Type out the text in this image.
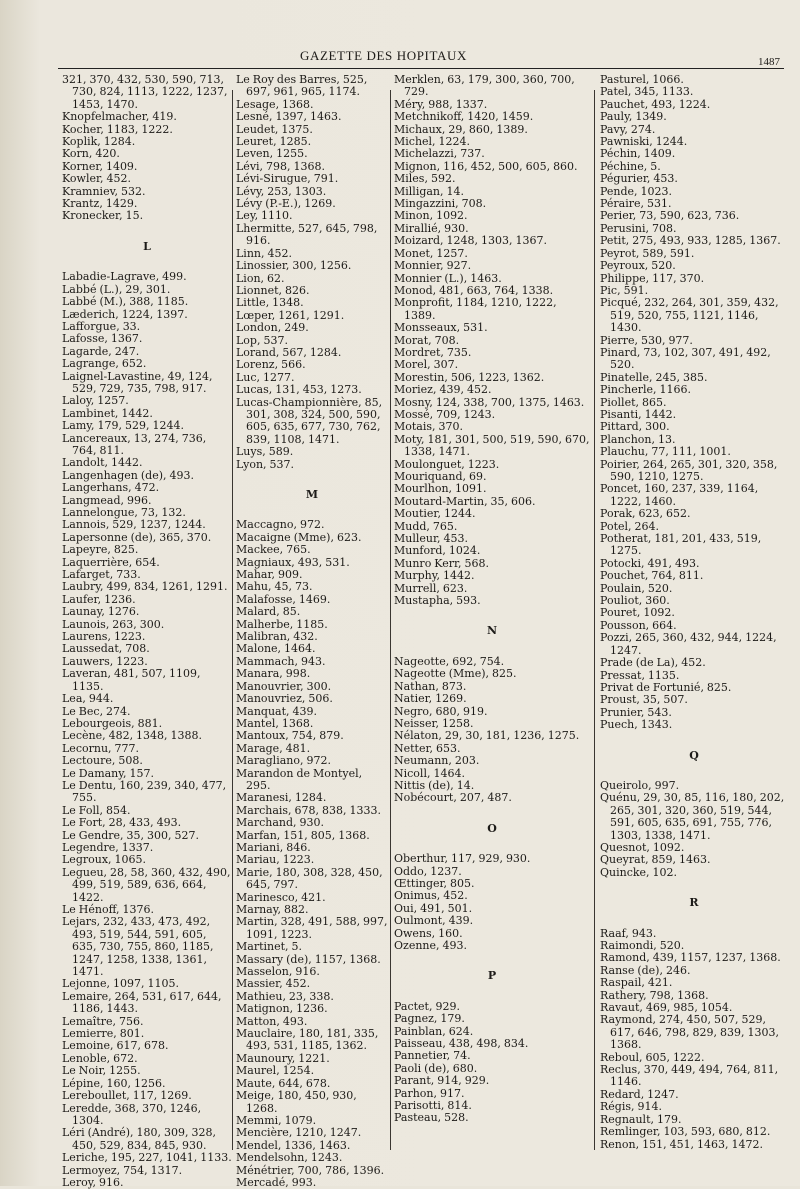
GAZETTE DES HOPITAUX	1487

321, 370, 432, 530, 590, 713, 730, 824, 1113, 1222, 1237, 1453, 1470.

Knopfelmacher, 419.

Kocher, 1183, 1222.

Koplik, 1284.

Korn, 420.

Korner, 1409.

Kowler, 452.

Kramniev, 532.

Krantz, 1429.

Kronecker, 15.

L

Labadie-Lagrave, 499.

Labbé (L.), 29, 301.

Labbé (M.), 388, 1185.

Læderich, 1224, 1397.

Lafforgue, 33.

Lafosse, 1367.

Lagarde, 247.

Lagrange, 652.

Laignel-Lavastine, 49, 124, 529, 729, 735, 798, 917.

Laloy, 1257.

Lambinet, 1442.

Lamy, 179, 529, 1244.

Lancereaux, 13, 274, 736, 764, 811.

Landolt, 1442.

Langenhagen (de), 493.

Langerhans, 472.

Langmead, 996.

Lannelongue, 73, 132.

Lannois, 529, 1237, 1244.

Lapersonne (de), 365, 370.

Lapeyre, 825.

Laquerrière, 654.

Lafarget, 733.

Laubry, 499, 834, 1261, 1291.

Laufer, 1236.

Launay, 1276.

Launois, 263, 300.

Laurens, 1223.

Laussedat, 708.

Lauwers, 1223.

Laveran, 481, 507, 1109, 1135.

Lea, 944.

Le Bec, 274.

Lebourgeois, 881.

Lecène, 482, 1348, 1388.

Lecornu, 777.

Lectoure, 508.

Le Damany, 157.

Le Dentu, 160, 239, 340, 477, 755.

Le Foll, 854.

Le Fort, 28, 433, 493.

Le Gendre, 35, 300, 527.

Legendre, 1337.

Legroux, 1065.

Legueu, 28, 58, 360, 432, 490, 499, 519, 589, 636, 664, 1422.

Le Hénoff, 1376.

Lejars, 232, 433, 473, 492, 493, 519, 544, 591, 605, 635, 730, 755, 860, 1185, 1247, 1258, 1338, 1361, 1471.

Lejonne, 1097, 1105.

Lemaire, 264, 531, 617, 644, 1186, 1443.

Lemaître, 756.

Lemierre, 801.

Lemoine, 617, 678.

Lenoble, 672.

Le Noir, 1255.

Lépine, 160, 1256.

Lereboullet, 117, 1269.

Leredde, 368, 370, 1246, 1304.

Léri (André), 180, 309, 328, 450, 529, 834, 845, 930.

Leriche, 195, 227, 1041, 1133.

Lermoyez, 754, 1317.

Leroy, 916.

Le Roy des Barres, 525, 697, 961, 965, 1174.

Lesage, 1368.

Lesné, 1397, 1463.

Leudet, 1375.

Leuret, 1285.

Leven, 1255.

Lévi, 798, 1368.

Lévi-Sirugue, 791.

Lévy, 253, 1303.

Lévy (P.-E.), 1269.

Ley, 1110.

Lhermitte, 527, 645, 798, 916.

Linn, 452.

Linossier, 300, 1256.

Lion, 62.

Lionnet, 826.

Little, 1348.

Lœper, 1261, 1291.

London, 249.

Lop, 537.

Lorand, 567, 1284.

Lorenz, 566.

Luc, 1277.

Lucas, 131, 453, 1273.

Lucas-Championnière, 85, 301, 308, 324, 500, 590, 605, 635, 677, 730, 762, 839, 1108, 1471.

Luys, 589.

Lyon, 537.

M

Maccagno, 972.

Macaigne (Mme), 623.

Mackee, 765.

Magniaux, 493, 531.

Mahar, 909.

Mahu, 45, 73.

Malafosse, 1469.

Malard, 85.

Malherbe, 1185.

Malibran, 432.

Malone, 1464.

Mammach, 943.

Manara, 998.

Manouvrier, 300.

Manouvriez, 506.

Manquat, 439.

Mantel, 1368.

Mantoux, 754, 879.

Marage, 481.

Maragliano, 972.

Marandon de Montyel, 295.

Maranesi, 1284.

Marchais, 678, 838, 1333.

Marchand, 930.

Marfan, 151, 805, 1368.

Mariani, 846.

Mariau, 1223.

Marie, 180, 308, 328, 450, 645, 797.

Marinesco, 421.

Marnay, 882.

Martin, 328, 491, 588, 997, 1091, 1223.

Martinet, 5.

Massary (de), 1157, 1368.

Masselon, 916.

Massier, 452.

Mathieu, 23, 338.

Matignon, 1236.

Matton, 493.

Mauclaire, 180, 181, 335, 493, 531, 1185, 1362.

Maunoury, 1221.

Maurel, 1254.

Maute, 644, 678.

Meige, 180, 450, 930, 1268.

Memmi, 1079.

Mencière, 1210, 1247.

Mendel, 1336, 1463.

Mendelsohn, 1243.

Ménétrier, 700, 786, 1396.

Mercadé, 993.

Merklen, 63, 179, 300, 360, 700, 729.

Méry, 988, 1337.

Metchnikoff, 1420, 1459.

Michaux, 29, 860, 1389.

Michel, 1224.

Michelazzi, 737.

Mignon, 116, 452, 500, 605, 860.

Miles, 592.

Milligan, 14.

Mingazzini, 708.

Minon, 1092.

Mirallié, 930.

Moizard, 1248, 1303, 1367.

Monet, 1257.

Monnier, 927.

Monnier (L.), 1463.

Monod, 481, 663, 764, 1338.

Monprofit, 1184, 1210, 1222, 1389.

Monsseaux, 531.

Morat, 708.

Mordret, 735.

Morel, 307.

Morestin, 506, 1223, 1362.

Moriez, 439, 452.

Mosny, 124, 338, 700, 1375, 1463.

Mossé, 709, 1243.

Motais, 370.

Moty, 181, 301, 500, 519, 590, 670, 1338, 1471.

Moulonguet, 1223.

Mouriquand, 69.

Mourlhon, 1091.

Moutard-Martin, 35, 606.

Moutier, 1244.

Mudd, 765.

Mulleur, 453.

Munford, 1024.

Munro Kerr, 568.

Murphy, 1442.

Murrell, 623.

Mustapha, 593.

N

Nageotte, 692, 754.

Nageotte (Mme), 825.

Nathan, 873.

Natier, 1269.

Negro, 680, 919.

Neisser, 1258.

Nélaton, 29, 30, 181, 1236, 1275.

Netter, 653.

Neumann, 203.

Nicoll, 1464.

Nittis (de), 14.

Nobécourt, 207, 487.

O

Oberthur, 117, 929, 930.

Oddo, 1237.

Œttinger, 805.

Onimus, 452.

Oui, 491, 501.

Oulmont, 439.

Owens, 160.

Ozenne, 493.

P

Pactet, 929.

Pagnez, 179.

Painblan, 624.

Paisseau, 438, 498, 834.

Pannetier, 74.

Paoli (de), 680.

Parant, 914, 929.

Parhon, 917.

Parisotti, 814.

Pasteau, 528.

Pasturel, 1066.

Patel, 345, 1133.

Pauchet, 493, 1224.

Pauly, 1349.

Pavy, 274.

Pawniski, 1244.

Péchin, 1409.

Péchine, 5.

Pégurier, 453.

Pende, 1023.

Péraire, 531.

Perier, 73, 590, 623, 736.

Perusini, 708.

Petit, 275, 493, 933, 1285, 1367.

Peyrot, 589, 591.

Peyroux, 520.

Philippe, 117, 370.

Pic, 591.

Picqué, 232, 264, 301, 359, 432, 519, 520, 755, 1121, 1146, 1430.

Pierre, 530, 977.

Pinard, 73, 102, 307, 491, 492, 520.

Pinatelle, 245, 385.

Pincherle, 1166.

Piollet, 865.

Pisanti, 1442.

Pittard, 300.

Planchon, 13.

Plauchu, 77, 111, 1001.

Poirier, 264, 265, 301, 320, 358, 590, 1210, 1275.

Poncet, 160, 237, 339, 1164, 1222, 1460.

Porak, 623, 652.

Potel, 264.

Potherat, 181, 201, 433, 519, 1275.

Potocki, 491, 493.

Pouchet, 764, 811.

Poulain, 520.

Pouliot, 360.

Pouret, 1092.

Pousson, 664.

Pozzi, 265, 360, 432, 944, 1224, 1247.

Prade (de La), 452.

Pressat, 1135.

Privat de Fortunié, 825.

Proust, 35, 507.

Prunier, 543.

Puech, 1343.

Q

Queirolo, 997.

Quénu, 29, 30, 85, 116, 180, 202, 265, 301, 320, 360, 519, 544, 591, 605, 635, 691, 755, 776, 1303, 1338, 1471.

Quesnot, 1092.

Queyrat, 859, 1463.

Quincke, 102.

R

Raaf, 943.

Raimondi, 520.

Ramond, 439, 1157, 1237, 1368.

Ranse (de), 246.

Raspail, 421.

Rathery, 798, 1368.

Ravaut, 469, 985, 1054.

Raymond, 274, 450, 507, 529, 617, 646, 798, 829, 839, 1303, 1368.

Reboul, 605, 1222.

Reclus, 370, 449, 494, 764, 811, 1146.

Redard, 1247.

Régis, 914.

Regnault, 179.

Remlinger, 103, 593, 680, 812.

Renon, 151, 451, 1463, 1472.
